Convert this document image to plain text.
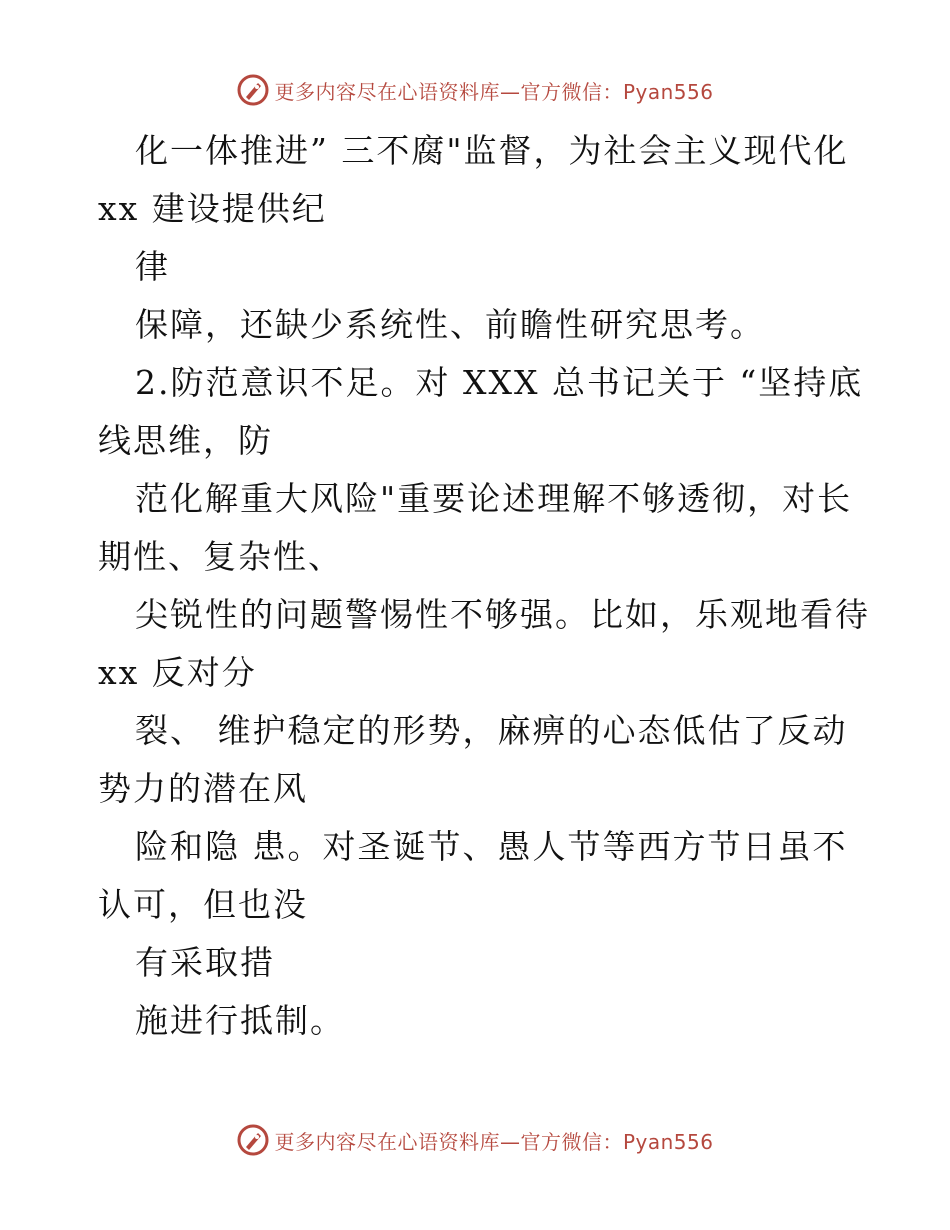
更多内容尽在心语资料库—官方微信：Pyan556
化一体推进” 三不腐"监督，为社会主义现代化
xx 建设提供纪
律
保障，还缺少系统性、前瞻性研究思考。
2.防范意识不足。对 XXX 总书记关于 “坚持底
线思维，防
范化解重大风险"重要论述理解不够透彻，对长
期性、复杂性、
尖锐性的问题警惕性不够强。比如，乐观地看待
xx 反对分
裂、 维护稳定的形势，麻痹的心态低估了反动
势力的潜在风
险和隐 患。对圣诞节、愚人节等西方节日虽不
认可，但也没
有采取措
施进行抵制。
更多内容尽在心语资料库—官方微信：Pyan556
